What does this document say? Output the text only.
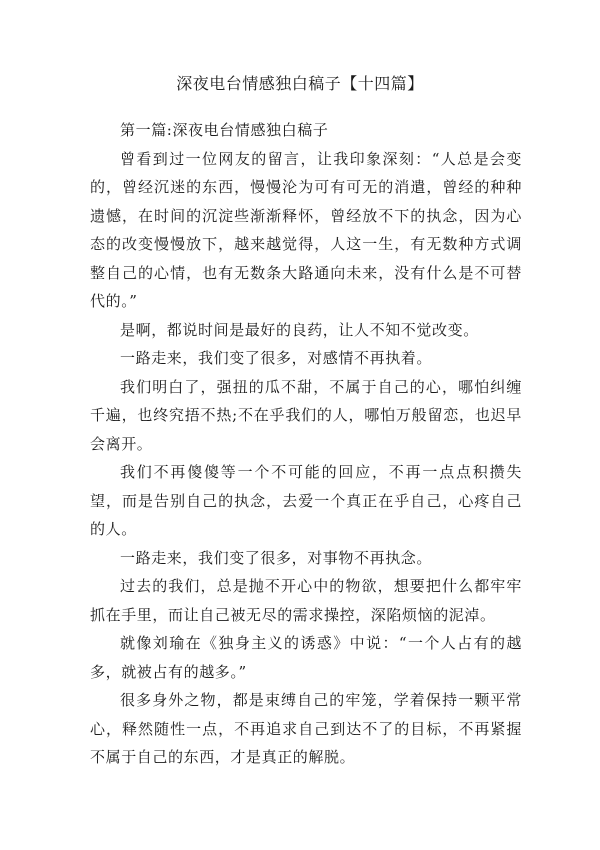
深夜电台情感独白稿子【十四篇】

第一篇:深夜电台情感独白稿子

曾看到过一位网友的留言，让我印象深刻：“人总是会变的，曾经沉迷的东西，慢慢沦为可有可无的消遣，曾经的种种遗憾，在时间的沉淀些渐渐释怀，曾经放不下的执念，因为心态的改变慢慢放下，越来越觉得，人这一生，有无数种方式调整自己的心情，也有无数条大路通向未来，没有什么是不可替代的。”

是啊，都说时间是最好的良药，让人不知不觉改变。

一路走来，我们变了很多，对感情不再执着。

我们明白了，强扭的瓜不甜，不属于自己的心，哪怕纠缠千遍，也终究捂不热;不在乎我们的人，哪怕万般留恋，也迟早会离开。

我们不再傻傻等一个不可能的回应，不再一点点积攒失望，而是告别自己的执念，去爱一个真正在乎自己，心疼自己的人。

一路走来，我们变了很多，对事物不再执念。

过去的我们，总是抛不开心中的物欲，想要把什么都牢牢抓在手里，而让自己被无尽的需求操控，深陷烦恼的泥淖。

就像刘瑜在《独身主义的诱惑》中说：“一个人占有的越多，就被占有的越多。”

很多身外之物，都是束缚自己的牢笼，学着保持一颗平常心，释然随性一点，不再追求自己到达不了的目标，不再紧握不属于自己的东西，才是真正的解脱。
